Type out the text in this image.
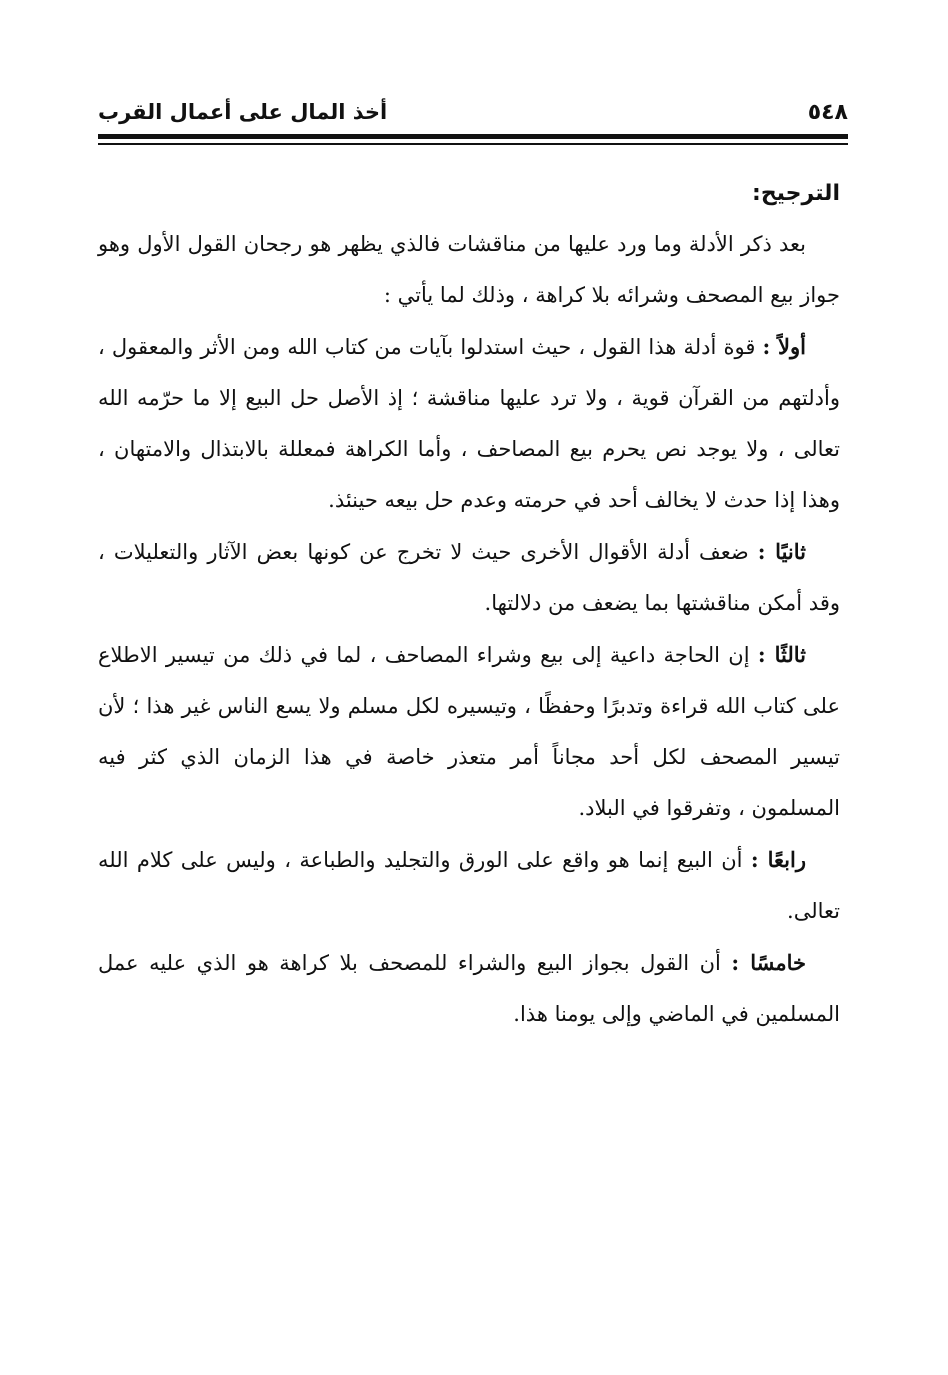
٥٤٨
أخذ المال على أعمال القرب
الترجيح:

بعد ذكر الأدلة وما ورد عليها من مناقشات فالذي يظهر هو رجحان القول الأول وهو جواز بيع المصحف وشرائه بلا كراهة ، وذلك لما يأتي :

أولاً : قوة أدلة هذا القول ، حيث استدلوا بآيات من كتاب الله ومن الأثر والمعقول ، وأدلتهم من القرآن قوية ، ولا ترد عليها مناقشة ؛ إذ الأصل حل البيع إلا ما حرّمه الله تعالى ، ولا يوجد نص يحرم بيع المصاحف ، وأما الكراهة فمعللة بالابتذال والامتهان ، وهذا إذا حدث لا يخالف أحد في حرمته وعدم حل بيعه حينئذ.

ثانيًا : ضعف أدلة الأقوال الأخرى حيث لا تخرج عن كونها بعض الآثار والتعليلات ، وقد أمكن مناقشتها بما يضعف من دلالتها.

ثالثًا : إن الحاجة داعية إلى بيع وشراء المصاحف ، لما في ذلك من تيسير الاطلاع على كتاب الله قراءة وتدبرًا وحفظًا ، وتيسيره لكل مسلم ولا يسع الناس غير هذا ؛ لأن تيسير المصحف لكل أحد مجاناً أمر متعذر خاصة في هذا الزمان الذي كثر فيه المسلمون ، وتفرقوا في البلاد.

رابعًا : أن البيع إنما هو واقع على الورق والتجليد والطباعة ، وليس على كلام الله تعالى.

خامسًا : أن القول بجواز البيع والشراء للمصحف بلا كراهة هو الذي عليه عمل المسلمين في الماضي وإلى يومنا هذا.
